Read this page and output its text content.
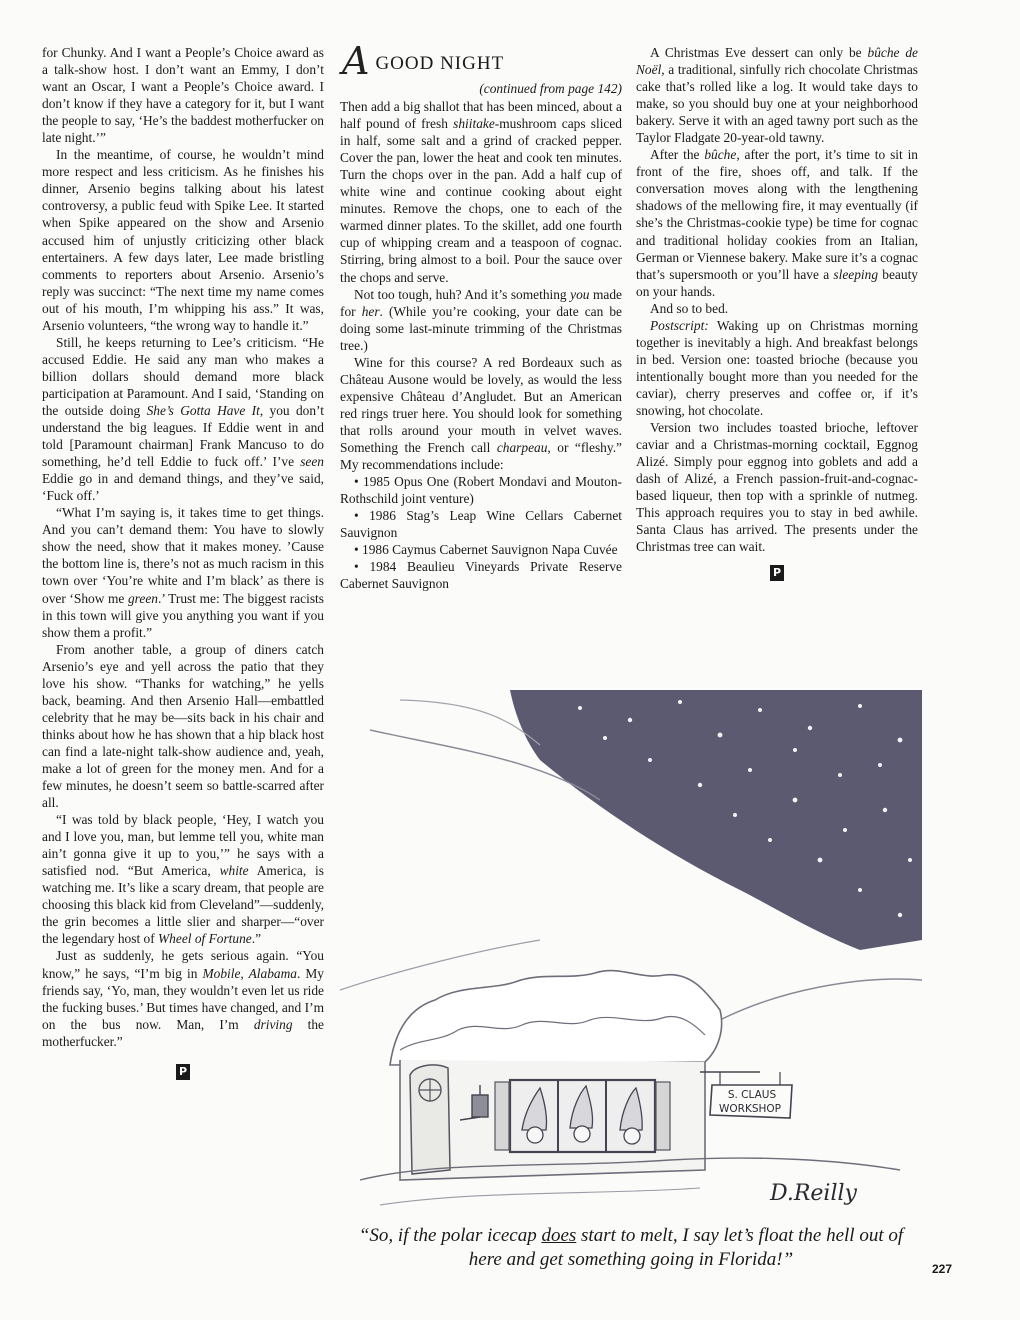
for Chunky. And I want a People’s Choice award as a talk-show host. I don’t want an Emmy, I don’t want an Oscar, I want a People’s Choice award. I don’t know if they have a category for it, but I want the people to say, ‘He’s the baddest motherfucker on late night.’”

In the meantime, of course, he wouldn’t mind more respect and less criticism. As he finishes his dinner, Arsenio begins talking about his latest controversy, a public feud with Spike Lee. It started when Spike appeared on the show and Arsenio accused him of unjustly criticizing other black entertainers. A few days later, Lee made bristling comments to reporters about Arsenio. Arsenio’s reply was succinct: “The next time my name comes out of his mouth, I’m whipping his ass.” It was, Arsenio volunteers, “the wrong way to handle it.”

Still, he keeps returning to Lee’s criticism. “He accused Eddie. He said any man who makes a billion dollars should demand more black participation at Paramount. And I said, ‘Standing on the outside doing She’s Gotta Have It, you don’t understand the big leagues. If Eddie went in and told [Paramount chairman] Frank Mancuso to do something, he’d tell Eddie to fuck off.’ I’ve seen Eddie go in and demand things, and they’ve said, ‘Fuck off.’

“What I’m saying is, it takes time to get things. And you can’t demand them: You have to slowly show the need, show that it makes money. ’Cause the bottom line is, there’s not as much racism in this town over ‘You’re white and I’m black’ as there is over ‘Show me green.’ Trust me: The biggest racists in this town will give you anything you want if you show them a profit.”

From another table, a group of diners catch Arsenio’s eye and yell across the patio that they love his show. “Thanks for watching,” he yells back, beaming. And then Arsenio Hall—embattled celebrity that he may be—sits back in his chair and thinks about how he has shown that a hip black host can find a late-night talk-show audience and, yeah, make a lot of green for the money men. And for a few minutes, he doesn’t seem so battle-scarred after all.

“I was told by black people, ‘Hey, I watch you and I love you, man, but lemme tell you, white man ain’t gonna give it up to you,’” he says with a satisfied nod. “But America, white America, is watching me. It’s like a scary dream, that people are choosing this black kid from Cleveland”—suddenly, the grin becomes a little slier and sharper—“over the legendary host of Wheel of Fortune.”

Just as suddenly, he gets serious again. “You know,” he says, “I’m big in Mobile, Alabama. My friends say, ‘Yo, man, they wouldn’t even let us ride the fucking buses.’ But times have changed, and I’m on the bus now. Man, I’m driving the motherfucker.”

P
A GOOD NIGHT
(continued from page 142)

Then add a big shallot that has been minced, about a half pound of fresh shiitake-mushroom caps sliced in half, some salt and a grind of cracked pepper. Cover the pan, lower the heat and cook ten minutes. Turn the chops over in the pan. Add a half cup of white wine and continue cooking about eight minutes. Remove the chops, one to each of the warmed dinner plates. To the skillet, add one fourth cup of whipping cream and a teaspoon of cognac. Stirring, bring almost to a boil. Pour the sauce over the chops and serve.

Not too tough, huh? And it’s something you made for her. (While you’re cooking, your date can be doing some last-minute trimming of the Christmas tree.)

Wine for this course? A red Bordeaux such as Château Ausone would be lovely, as would the less expensive Château d’Angludet. But an American red rings truer here. You should look for something that rolls around your mouth in velvet waves. Something the French call charpeau, or “fleshy.” My recommendations include:

• 1985 Opus One (Robert Mondavi and Mouton-Rothschild joint venture)

• 1986 Stag’s Leap Wine Cellars Cabernet Sauvignon

• 1986 Caymus Cabernet Sauvignon Napa Cuvée

• 1984 Beaulieu Vineyards Private Reserve Cabernet Sauvignon

A Christmas Eve dessert can only be bûche de Noël, a traditional, sinfully rich chocolate Christmas cake that’s rolled like a log. It would take days to make, so you should buy one at your neighborhood bakery. Serve it with an aged tawny port such as the Taylor Fladgate 20-year-old tawny.

After the bûche, after the port, it’s time to sit in front of the fire, shoes off, and talk. If the conversation moves along with the lengthening shadows of the mellowing fire, it may eventually (if she’s the Christmas-cookie type) be time for cognac and traditional holiday cookies from an Italian, German or Viennese bakery. Make sure it’s a cognac that’s supersmooth or you’ll have a sleeping beauty on your hands.

And so to bed.

Postscript: Waking up on Christmas morning together is inevitably a high. And breakfast belongs in bed. Version one: toasted brioche (because you intentionally bought more than you needed for the caviar), cherry preserves and coffee or, if it’s snowing, hot chocolate.

Version two includes toasted brioche, leftover caviar and a Christmas-morning cocktail, Eggnog Alizé. Simply pour eggnog into goblets and add a dash of Alizé, a French passion-fruit-and-cognac-based liqueur, then top with a sprinkle of nutmeg. This approach requires you to stay in bed awhile. Santa Claus has arrived. The presents under the Christmas tree can wait.

P
S. CLAUS
WORKSHOP
D.Reilly
“So, if the polar icecap does start to melt, I say let’s float the hell out of here and get something going in Florida!”	227
